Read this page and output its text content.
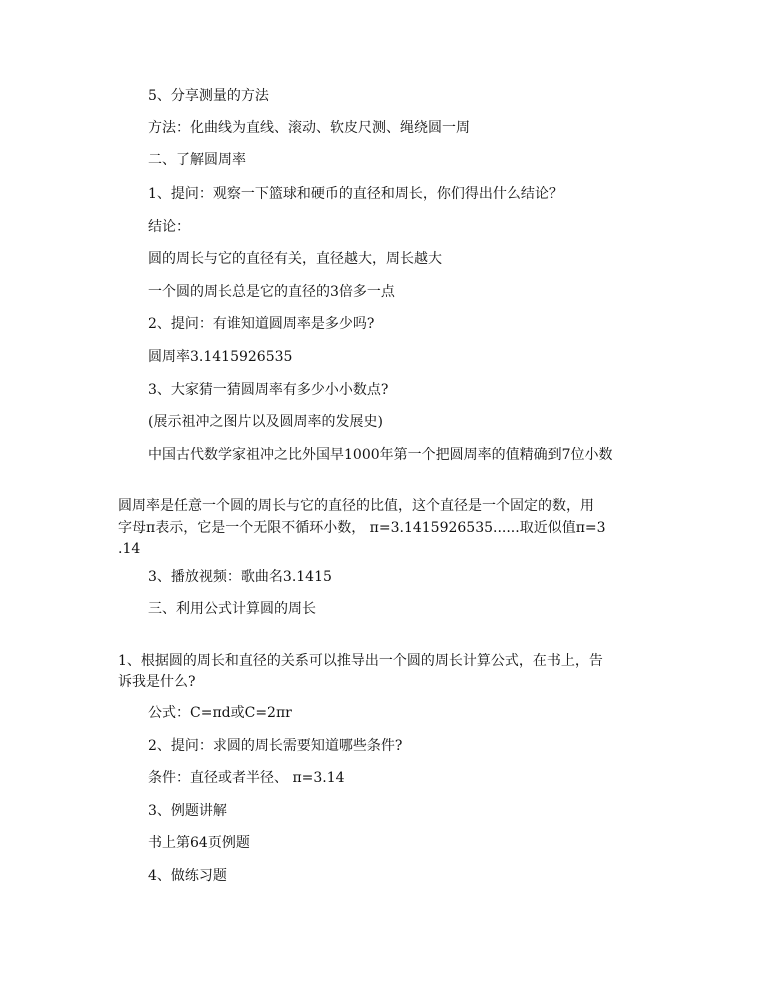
5、分享测量的方法

方法：化曲线为直线、滚动、软皮尺测、绳绕圆一周

二、了解圆周率

1、提问：观察一下篮球和硬币的直径和周长，你们得出什么结论？

结论：

圆的周长与它的直径有关，直径越大，周长越大

一个圆的周长总是它的直径的3倍多一点

2、提问：有谁知道圆周率是多少吗?

圆周率3.1415926535

3、大家猜一猜圆周率有多少小小数点?

(展示祖冲之图片以及圆周率的发展史)

中国古代数学家祖冲之比外国早1000年第一个把圆周率的值精确到7位小数

圆周率是任意一个圆的周长与它的直径的比值，这个直径是一个固定的数，用

字母π表示，它是一个无限不循环小数， π=3.1415926535......取近似值π=3

.14

3、播放视频：歌曲名3.1415

三、利用公式计算圆的周长

1、根据圆的周长和直径的关系可以推导出一个圆的周长计算公式，在书上，告

诉我是什么?

公式：C=πd或C=2πr

2、提问：求圆的周长需要知道哪些条件?

条件：直径或者半径、 π=3.14

3、例题讲解

书上第64页例题

4、做练习题
